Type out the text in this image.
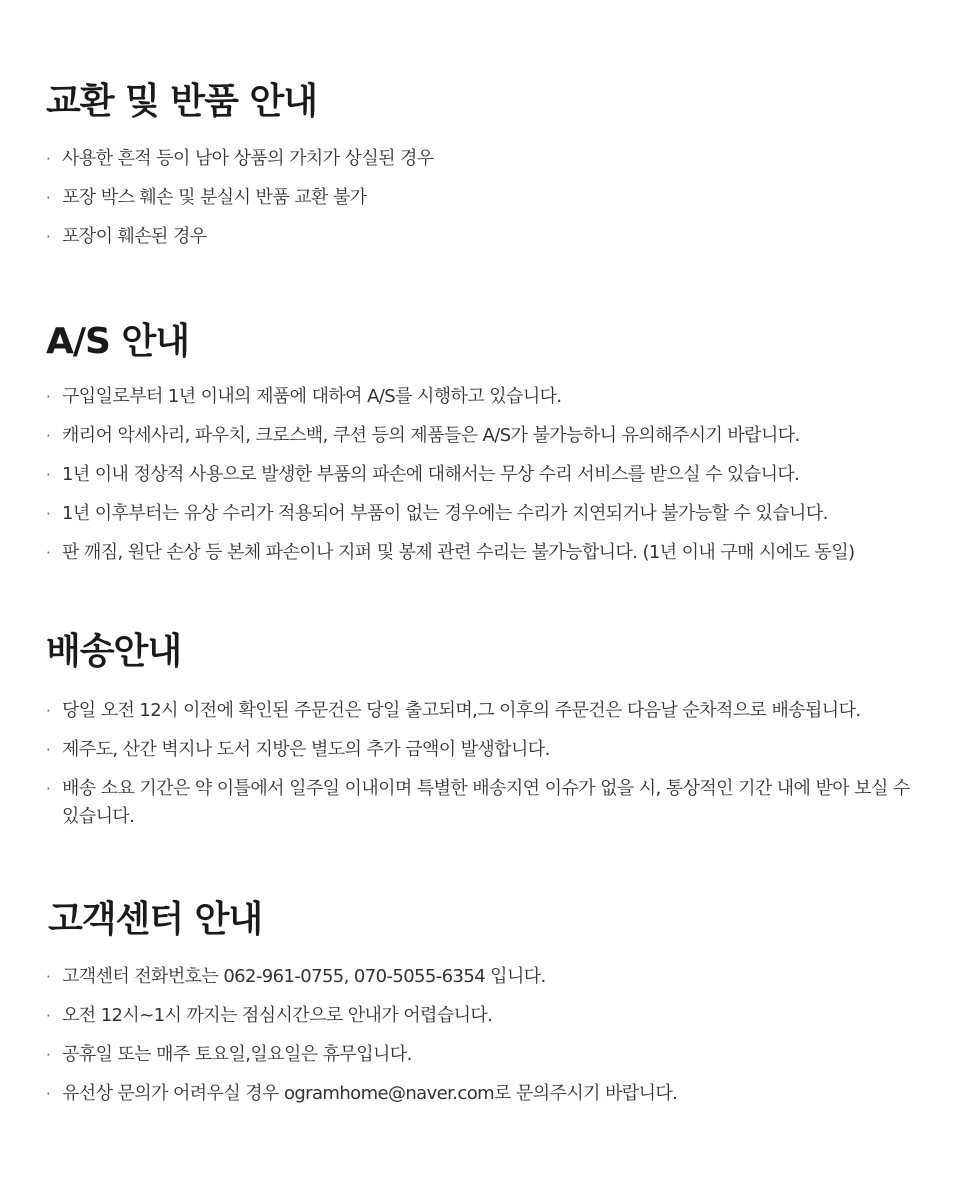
교환 및 반품 안내
· 사용한 흔적 등이 남아 상품의 가치가 상실된 경우
· 포장 박스 훼손 및 분실시 반품 교환 불가
· 포장이 훼손된 경우
A/S 안내
· 구입일로부터 1년 이내의 제품에 대하여 A/S를 시행하고 있습니다.
· 캐리어 악세사리, 파우치, 크로스백, 쿠션 등의 제품들은 A/S가 불가능하니 유의해주시기 바랍니다.
· 1년 이내 정상적 사용으로 발생한 부품의 파손에 대해서는 무상 수리 서비스를 받으실 수 있습니다.
· 1년 이후부터는 유상 수리가 적용되어 부품이 없는 경우에는 수리가 지연되거나 불가능할 수 있습니다.
· 판 깨짐, 원단 손상 등 본체 파손이나 지퍼 및 봉제 관련 수리는 불가능합니다. (1년 이내 구매 시에도 동일)
배송안내
· 당일 오전 12시 이전에 확인된 주문건은 당일 출고되며,그 이후의 주문건은 다음날 순차적으로 배송됩니다.
· 제주도, 산간 벽지나 도서 지방은 별도의 추가 금액이 발생합니다.
· 배송 소요 기간은 약 이틀에서 일주일 이내이며 특별한 배송지연 이슈가 없을 시, 통상적인 기간 내에 받아 보실 수 있습니다.
고객센터 안내
· 고객센터 전화번호는 062-961-0755, 070-5055-6354 입니다.
· 오전 12시~1시 까지는 점심시간으로 안내가 어렵습니다.
· 공휴일 또는 매주 토요일,일요일은 휴무입니다.
· 유선상 문의가 어려우실 경우 ogramhome@naver.com로 문의주시기 바랍니다.
